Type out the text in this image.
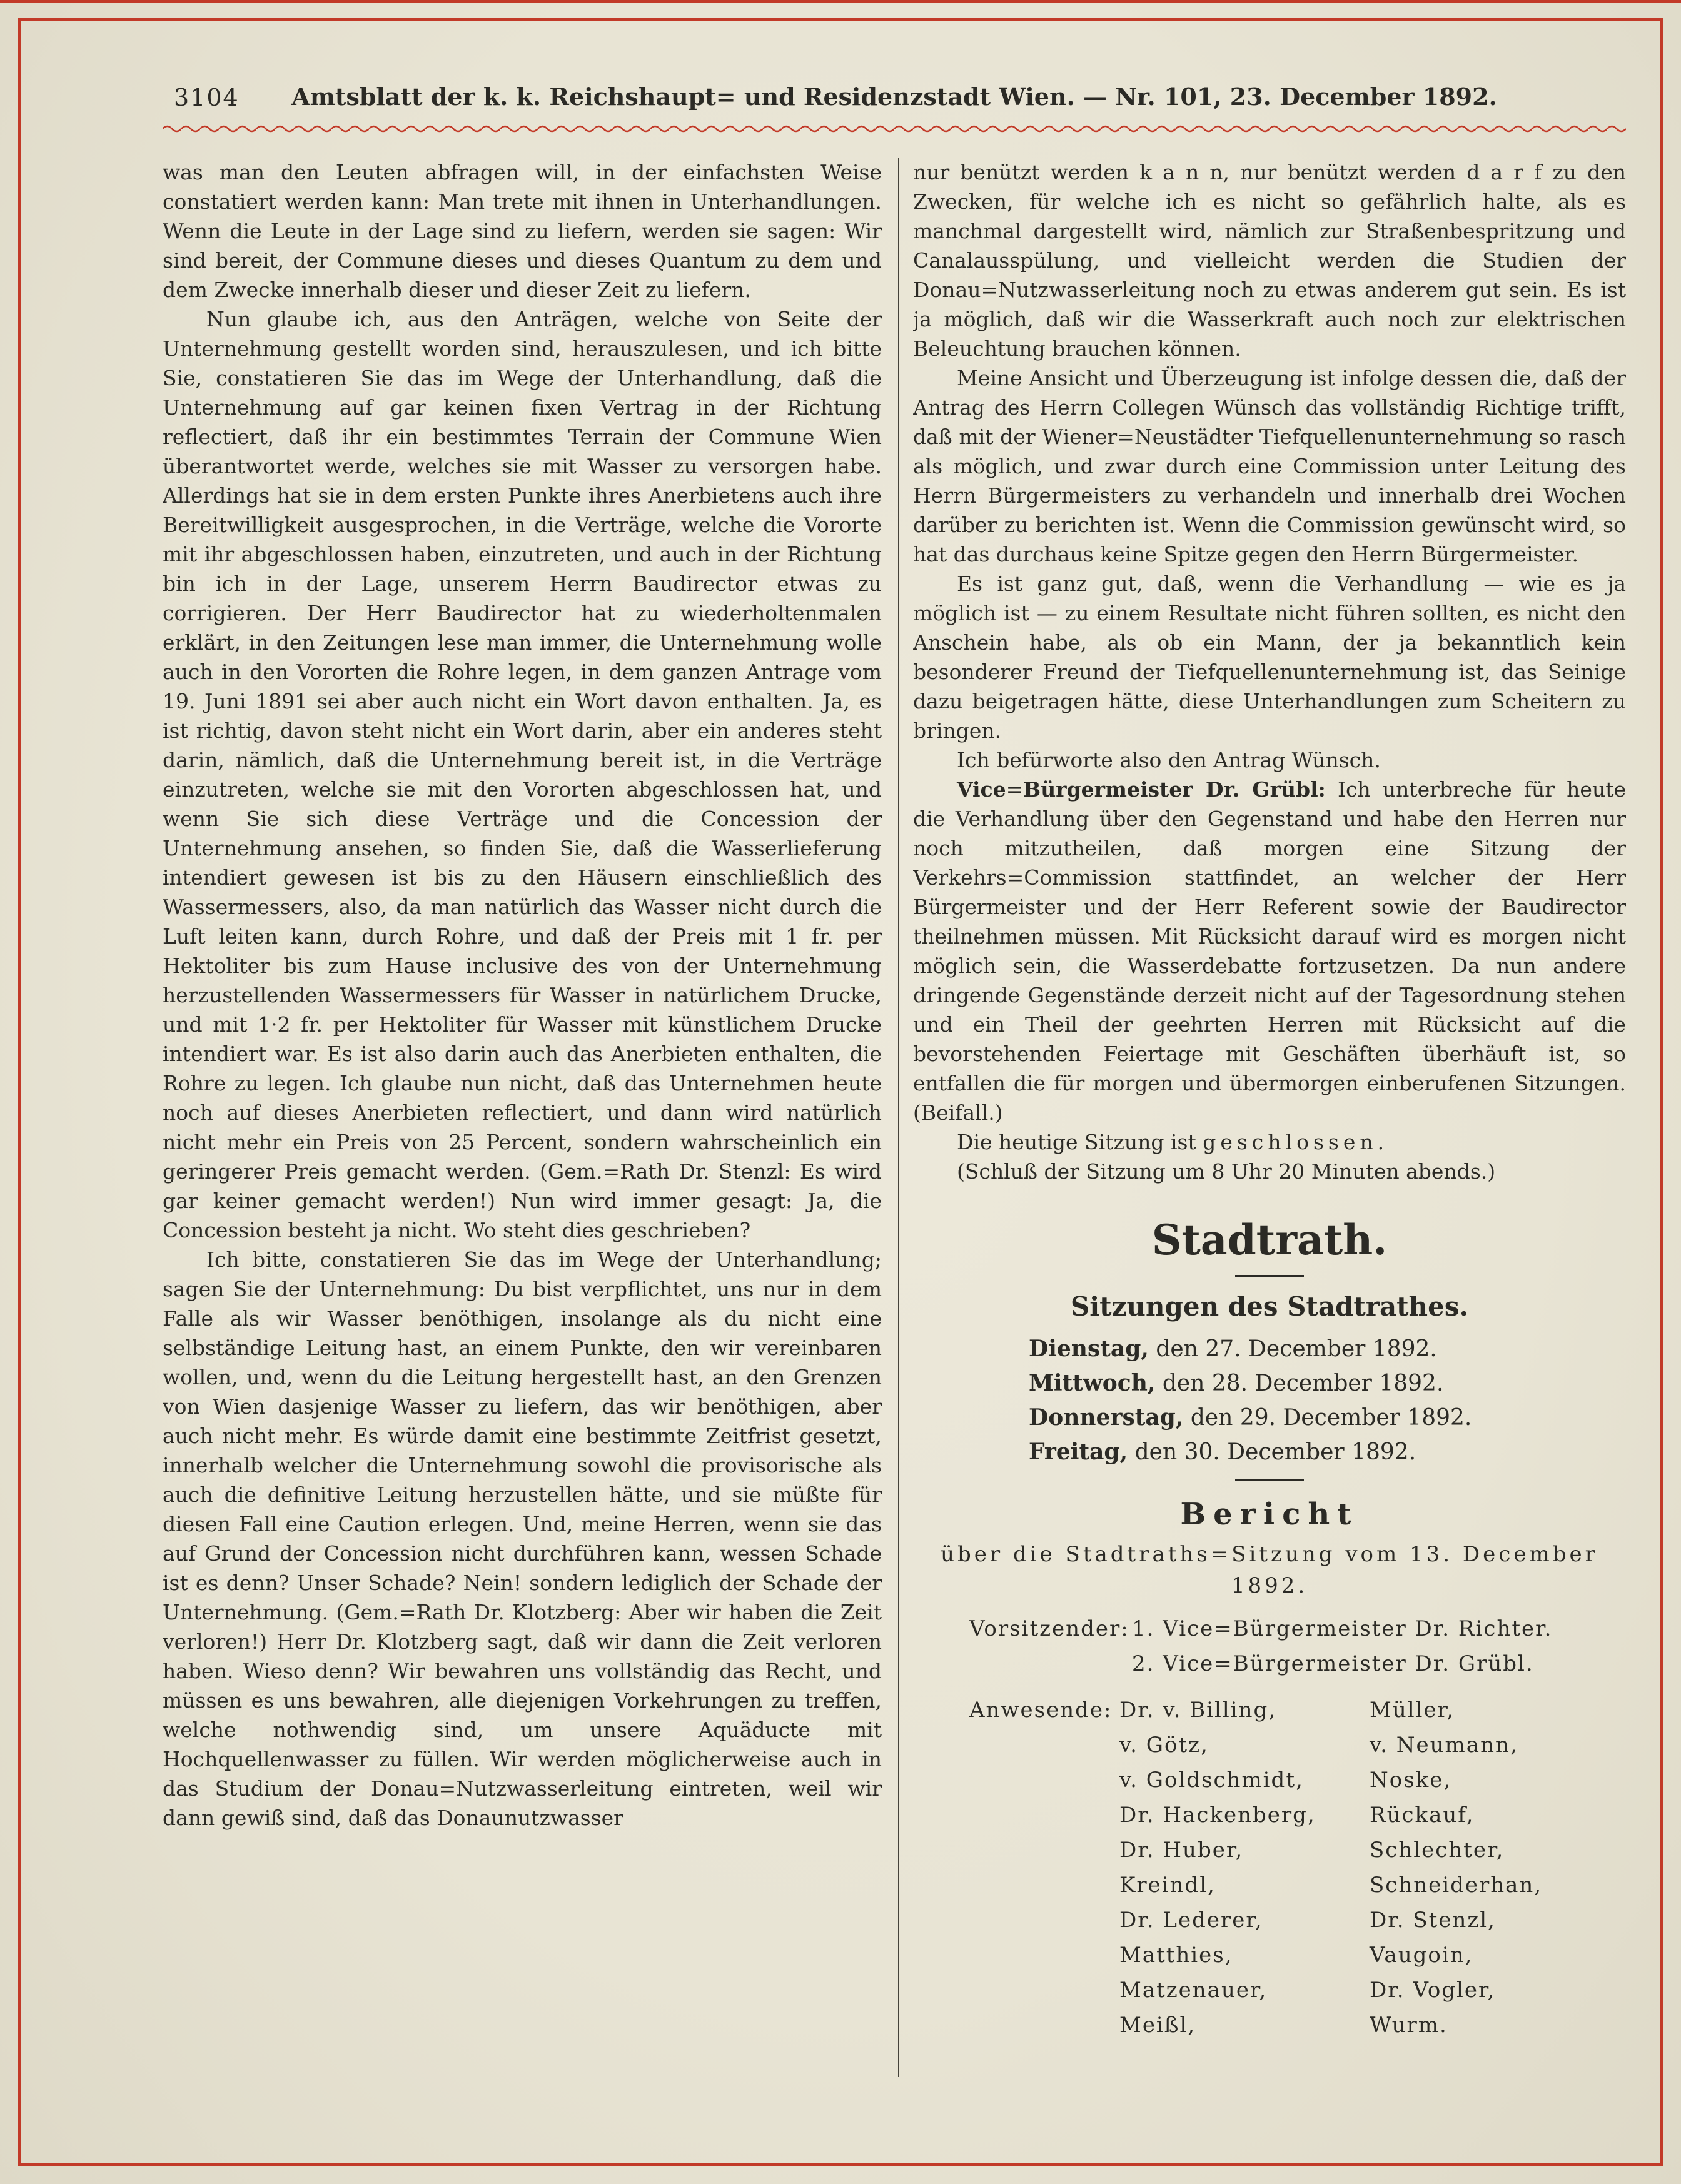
3104	Amtsblatt der k. k. Reichshaupt= und Residenzstadt Wien. — Nr. 101, 23. December 1892.

was man den Leuten abfragen will, in der einfachsten Weise constatiert werden kann: Man trete mit ihnen in Unterhandlungen. Wenn die Leute in der Lage sind zu liefern, werden sie sagen: Wir sind bereit, der Commune dieses und dieses Quantum zu dem und dem Zwecke innerhalb dieser und dieser Zeit zu liefern.

Nun glaube ich, aus den Anträgen, welche von Seite der Unternehmung gestellt worden sind, herauszulesen, und ich bitte Sie, constatieren Sie das im Wege der Unterhandlung, daß die Unternehmung auf gar keinen fixen Vertrag in der Richtung reflectiert, daß ihr ein bestimmtes Terrain der Commune Wien überantwortet werde, welches sie mit Wasser zu versorgen habe. Allerdings hat sie in dem ersten Punkte ihres Anerbietens auch ihre Bereitwilligkeit ausgesprochen, in die Verträge, welche die Vororte mit ihr abgeschlossen haben, einzutreten, und auch in der Richtung bin ich in der Lage, unserem Herrn Baudirector etwas zu corrigieren. Der Herr Baudirector hat zu wiederholtenmalen erklärt, in den Zeitungen lese man immer, die Unternehmung wolle auch in den Vororten die Rohre legen, in dem ganzen Antrage vom 19. Juni 1891 sei aber auch nicht ein Wort davon enthalten. Ja, es ist richtig, davon steht nicht ein Wort darin, aber ein anderes steht darin, nämlich, daß die Unternehmung bereit ist, in die Verträge einzutreten, welche sie mit den Vororten abgeschlossen hat, und wenn Sie sich diese Verträge und die Concession der Unternehmung ansehen, so finden Sie, daß die Wasserlieferung intendiert gewesen ist bis zu den Häusern einschließlich des Wassermessers, also, da man natürlich das Wasser nicht durch die Luft leiten kann, durch Rohre, und daß der Preis mit 1 fr. per Hektoliter bis zum Hause inclusive des von der Unternehmung herzustellenden Wassermessers für Wasser in natürlichem Drucke, und mit 1·2 fr. per Hektoliter für Wasser mit künstlichem Drucke intendiert war. Es ist also darin auch das Anerbieten enthalten, die Rohre zu legen. Ich glaube nun nicht, daß das Unternehmen heute noch auf dieses Anerbieten reflectiert, und dann wird natürlich nicht mehr ein Preis von 25 Percent, sondern wahrscheinlich ein geringerer Preis gemacht werden. (Gem.=Rath Dr. Stenzl: Es wird gar keiner gemacht werden!) Nun wird immer gesagt: Ja, die Concession besteht ja nicht. Wo steht dies geschrieben?

Ich bitte, constatieren Sie das im Wege der Unterhandlung; sagen Sie der Unternehmung: Du bist verpflichtet, uns nur in dem Falle als wir Wasser benöthigen, insolange als du nicht eine selbständige Leitung hast, an einem Punkte, den wir vereinbaren wollen, und, wenn du die Leitung hergestellt hast, an den Grenzen von Wien dasjenige Wasser zu liefern, das wir benöthigen, aber auch nicht mehr. Es würde damit eine bestimmte Zeitfrist gesetzt, innerhalb welcher die Unternehmung sowohl die provisorische als auch die definitive Leitung herzustellen hätte, und sie müßte für diesen Fall eine Caution erlegen. Und, meine Herren, wenn sie das auf Grund der Concession nicht durchführen kann, wessen Schade ist es denn? Unser Schade? Nein! sondern lediglich der Schade der Unternehmung. (Gem.=Rath Dr. Klotzberg: Aber wir haben die Zeit verloren!) Herr Dr. Klotzberg sagt, daß wir dann die Zeit verloren haben. Wieso denn? Wir bewahren uns vollständig das Recht, und müssen es uns bewahren, alle diejenigen Vorkehrungen zu treffen, welche nothwendig sind, um unsere Aquäducte mit Hochquellenwasser zu füllen. Wir werden möglicherweise auch in das Studium der Donau=Nutzwasserleitung eintreten, weil wir dann gewiß sind, daß das Donaunutzwasser

nur benützt werden k a n n, nur benützt werden d a r f zu den Zwecken, für welche ich es nicht so gefährlich halte, als es manchmal dargestellt wird, nämlich zur Straßenbespritzung und Canalausspülung, und vielleicht werden die Studien der Donau=Nutzwasserleitung noch zu etwas anderem gut sein. Es ist ja möglich, daß wir die Wasserkraft auch noch zur elektrischen Beleuchtung brauchen können.

Meine Ansicht und Überzeugung ist infolge dessen die, daß der Antrag des Herrn Collegen Wünsch das vollständig Richtige trifft, daß mit der Wiener=Neustädter Tiefquellenunternehmung so rasch als möglich, und zwar durch eine Commission unter Leitung des Herrn Bürgermeisters zu verhandeln und innerhalb drei Wochen darüber zu berichten ist. Wenn die Commission gewünscht wird, so hat das durchaus keine Spitze gegen den Herrn Bürgermeister.

Es ist ganz gut, daß, wenn die Verhandlung — wie es ja möglich ist — zu einem Resultate nicht führen sollten, es nicht den Anschein habe, als ob ein Mann, der ja bekanntlich kein besonderer Freund der Tiefquellenunternehmung ist, das Seinige dazu beigetragen hätte, diese Unterhandlungen zum Scheitern zu bringen.

Ich befürworte also den Antrag Wünsch.

Vice=Bürgermeister Dr. Grübl: Ich unterbreche für heute die Verhandlung über den Gegenstand und habe den Herren nur noch mitzutheilen, daß morgen eine Sitzung der Verkehrs=Commission stattfindet, an welcher der Herr Bürgermeister und der Herr Referent sowie der Baudirector theilnehmen müssen. Mit Rücksicht darauf wird es morgen nicht möglich sein, die Wasserdebatte fortzusetzen. Da nun andere dringende Gegenstände derzeit nicht auf der Tagesordnung stehen und ein Theil der geehrten Herren mit Rücksicht auf die bevorstehenden Feiertage mit Geschäften überhäuft ist, so entfallen die für morgen und übermorgen einberufenen Sitzungen. (Beifall.)

Die heutige Sitzung ist geschlossen.

(Schluß der Sitzung um 8 Uhr 20 Minuten abends.)

Stadtrath.
Sitzungen des Stadtrathes.
Dienstag, den 27. December 1892.
Mittwoch, den 28. December 1892.
Donnerstag, den 29. December 1892.
Freitag, den 30. December 1892.
Bericht
über die Stadtraths=Sitzung vom 13. December 1892.
Vorsitzender: 1. Vice=Bürgermeister Dr. Richter.
2. Vice=Bürgermeister Dr. Grübl.
Anwesende: Dr. v. Billing,
v. Götz,
v. Goldschmidt,
Dr. Hackenberg,
Dr. Huber,
Kreindl,
Dr. Lederer,
Matthies,
Matzenauer,
Meißl,
Müller,
v. Neumann,
Noske,
Rückauf,
Schlechter,
Schneiderhan,
Dr. Stenzl,
Vaugoin,
Dr. Vogler,
Wurm.
